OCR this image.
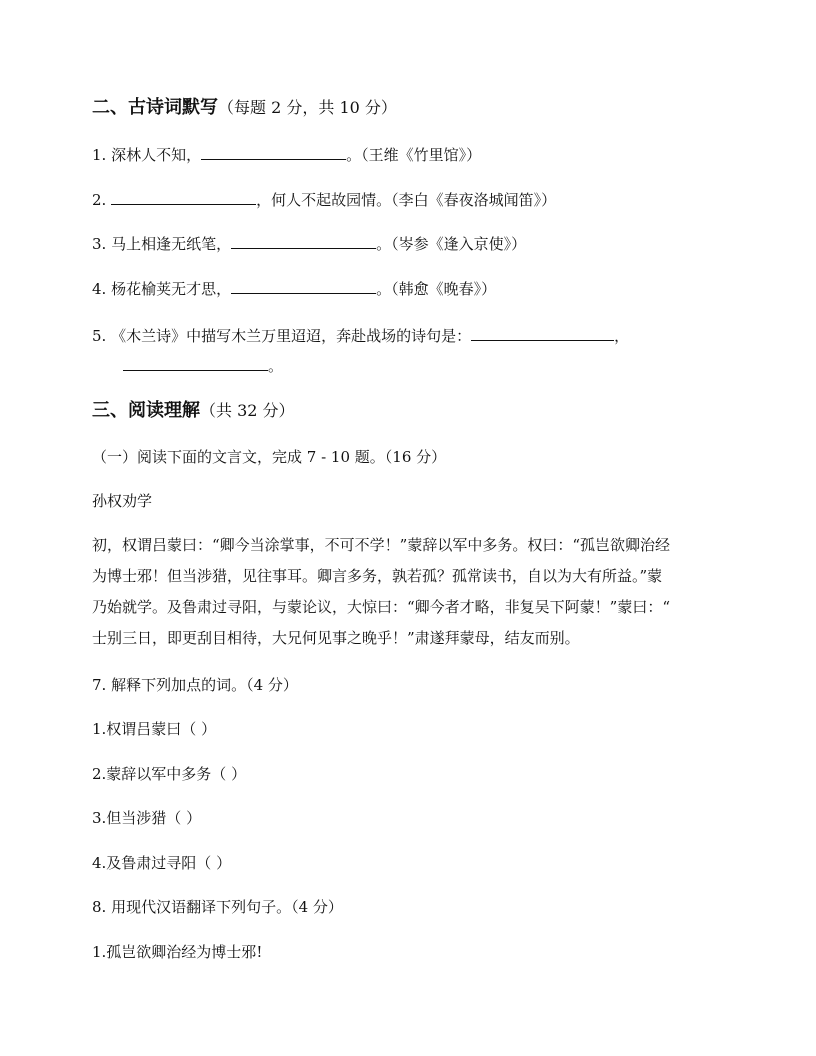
二、古诗词默写（每题 2 分，共 10 分）
1. 深林人不知，	。（王维《竹里馆》）
2.	，何人不起故园情。（李白《春夜洛城闻笛》）
3. 马上相逢无纸笔，	。（岑参《逢入京使》）
4. 杨花榆荚无才思，	。（韩愈《晚春》）
5. 《木兰诗》中描写木兰万里迢迢，奔赴战场的诗句是：	，
。
三、阅读理解（共 32 分）
（一）阅读下面的文言文，完成 7 - 10 题。（16 分）
孙权劝学
初，权谓吕蒙曰：“卿今当涂掌事，不可不学！”蒙辞以军中多务。权曰：“孤岂欲卿治经
为博士邪！但当涉猎，见往事耳。卿言多务，孰若孤？孤常读书，自以为大有所益。”蒙
乃始就学。及鲁肃过寻阳，与蒙论议，大惊曰：“卿今者才略，非复吴下阿蒙！”蒙曰：“
士别三日，即更刮目相待，大兄何见事之晚乎！”肃遂拜蒙母，结友而别。
7. 解释下列加点的词。（4 分）
1.权谓吕蒙曰（ ）
2.蒙辞以军中多务（ ）
3.但当涉猎（ ）
4.及鲁肃过寻阳（ ）
8. 用现代汉语翻译下列句子。（4 分）
1.孤岂欲卿治经为博士邪!
